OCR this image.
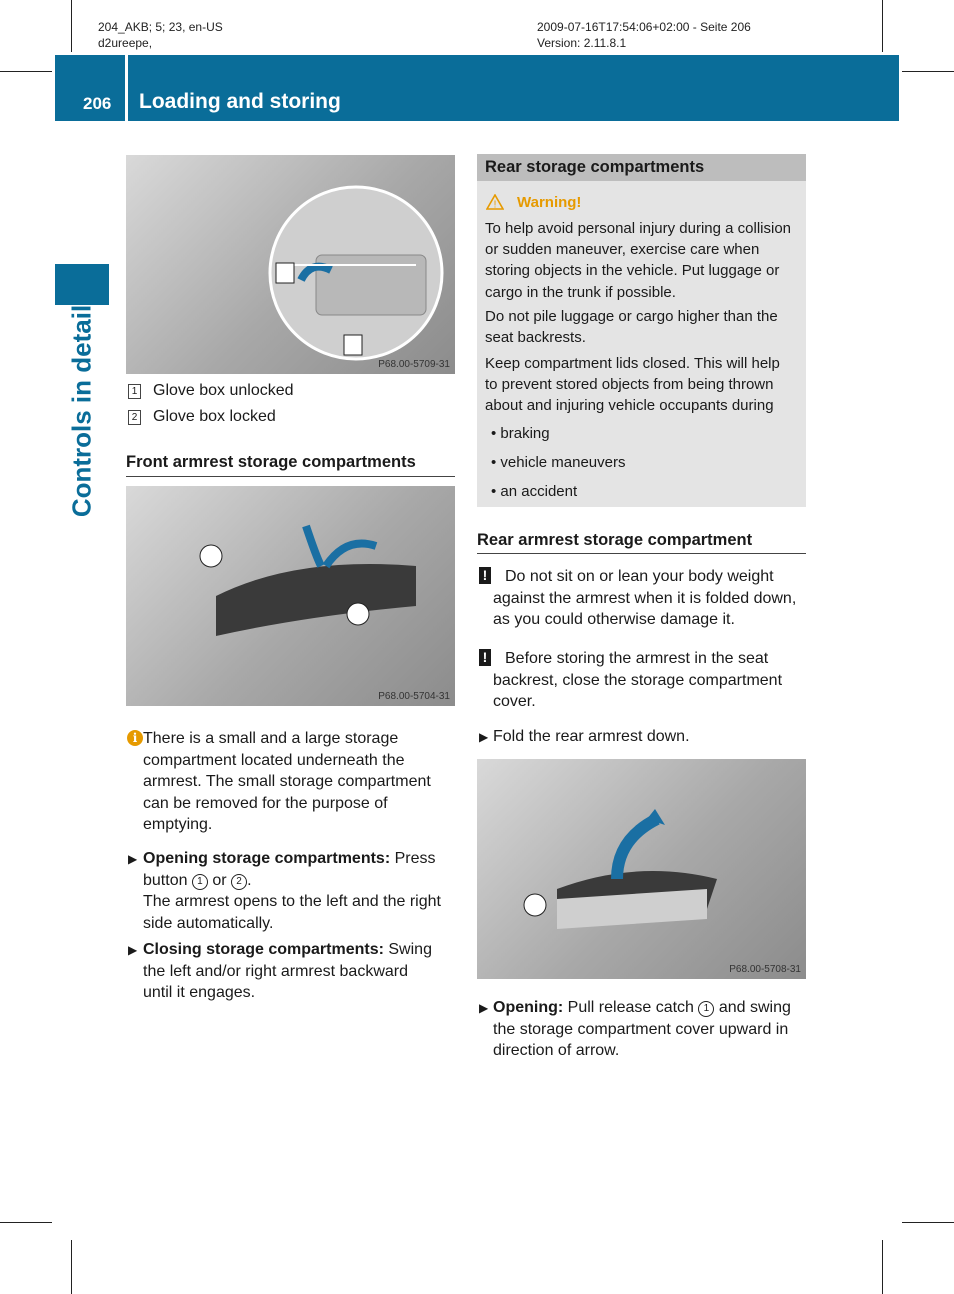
204_AKB; 5; 23, en-US
d2ureepe,
2009-07-16T17:54:06+02:00 - Seite 206
Version: 2.11.8.1
206 Loading and storing
Controls in detail	P68.00-5709-31
1 Glove box unlocked
2 Glove box locked
Front armrest storage compartments
P68.00-5704-31
i There is a small and a large storage
compartment located underneath the
armrest. The small storage compartment
can be removed for the purpose of
emptying.
▶ Opening storage compartments: Press
button 1 or 2 .
The armrest opens to the left and the right
side automatically.
▶ Closing storage compartments: Swing
the left and/or right armrest backward
until it engages.
Rear storage compartments
! Warning!
To help avoid personal injury during a collision
or sudden maneuver, exercise care when
storing objects in the vehicle. Put luggage or
cargo in the trunk if possible.
Do not pile luggage or cargo higher than the
seat backrests.
Keep compartment lids closed. This will help
to prevent stored objects from being thrown
about and injuring vehicle occupants during
• braking
• vehicle maneuvers
• an accident
Rear armrest storage compartment
!	Do not sit on or lean your body weight
against the armrest when it is folded down,
as you could otherwise damage it.
!	Before storing the armrest in the seat
backrest, close the storage compartment
cover.
▶ Fold the rear armrest down.
P68.00-5708-31
▶ Opening: Pull release catch 1 and swing
the storage compartment cover upward in
direction of arrow.
